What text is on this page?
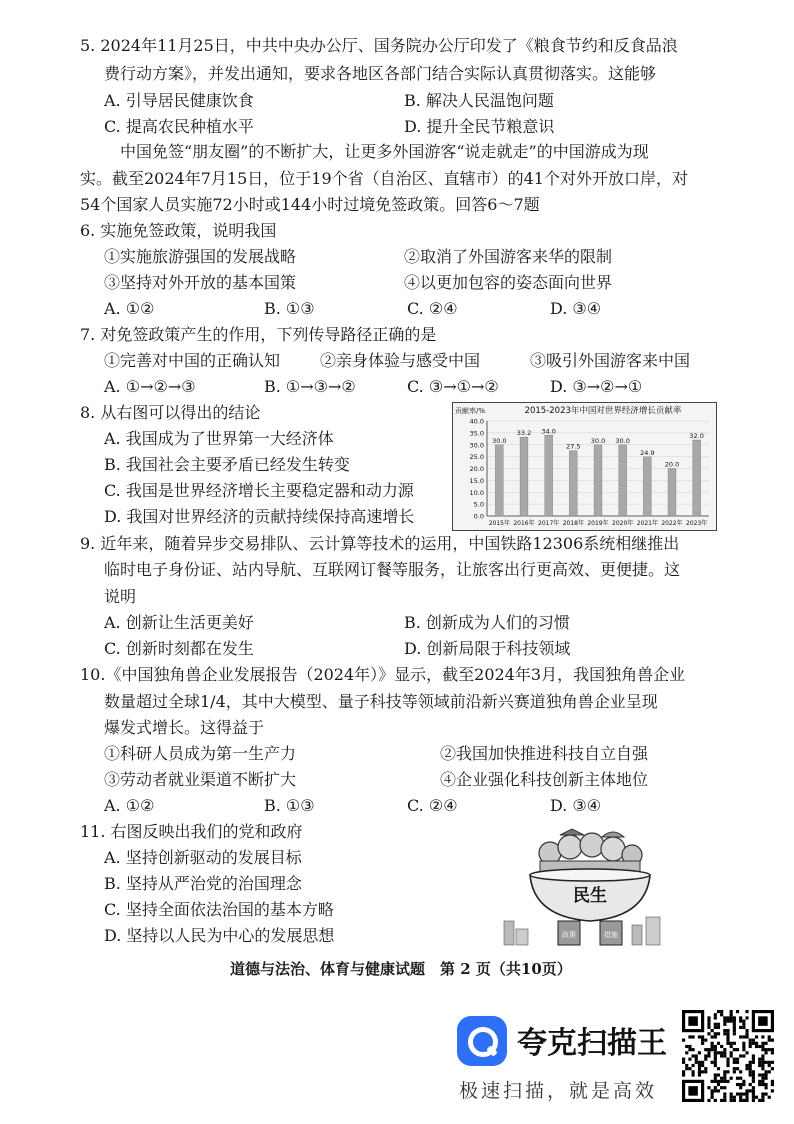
5. 2024年11月25日，中共中央办公厅、国务院办公厅印发了《粮食节约和反食品浪
费行动方案》，并发出通知，要求各地区各部门结合实际认真贯彻落实。这能够
A. 引导居民健康饮食	B. 解决人民温饱问题
C. 提高农民种植水平	D. 提升全民节粮意识
中国免签“朋友圈”的不断扩大，让更多外国游客“说走就走”的中国游成为现
实。截至2024年7月15日，位于19个省（自治区、直辖市）的41个对外开放口岸，对
54个国家人员实施72小时或144小时过境免签政策。回答6～7题
6. 实施免签政策，说明我国
①实施旅游强国的发展战略	②取消了外国游客来华的限制
③坚持对外开放的基本国策	④以更加包容的姿态面向世界
A. ①②	B. ①③	C. ②④	D. ③④
7. 对免签政策产生的作用，下列传导路径正确的是
①完善对中国的正确认知 ②亲身体验与感受中国	③吸引外国游客来中国
A. ①→②→③	B. ①→③→②	C. ③→①→②	D. ③→②→①
8. 从右图可以得出的结论
A. 我国成为了世界第一大经济体
B. 我国社会主要矛盾已经发生转变
C. 我国是世界经济增长主要稳定器和动力源
D. 我国对世界经济的贡献持续保持高速增长
2015-2023年中国对世界经济增长贡献率
贡献率/%
0.0
5.0
10.0
15.0
20.0
25.0
30.0
35.0
40.0
30.0
2015年
33.2
2016年
34.0
2017年
27.5
2018年
30.0
2019年
30.0
2020年
24.9
2021年
20.0
2022年
32.0
2023年
9. 近年来，随着异步交易排队、云计算等技术的运用，中国铁路12306系统相继推出
临时电子身份证、站内导航、互联网订餐等服务，让旅客出行更高效、更便捷。这
说明
A. 创新让生活更美好	B. 创新成为人们的习惯
C. 创新时刻都在发生	D. 创新局限于科技领域
10.《中国独角兽企业发展报告（2024年）》显示，截至2024年3月，我国独角兽企业
数量超过全球1/4，其中大模型、量子科技等领域前沿新兴赛道独角兽企业呈现
爆发式增长。这得益于
①科研人员成为第一生产力	②我国加快推进科技自立自强
③劳动者就业渠道不断扩大	④企业强化科技创新主体地位
A. ①②	B. ①③	C. ②④	D. ③④
11. 右图反映出我们的党和政府
A. 坚持创新驱动的发展目标
B. 坚持从严治党的治国理念
C. 坚持全面依法治国的基本方略
D. 坚持以人民为中心的发展思想
民生
政策	措施
道德与法治、体育与健康试题　第 2 页（共10页）
夸克扫描王
极速扫描，就是高效
